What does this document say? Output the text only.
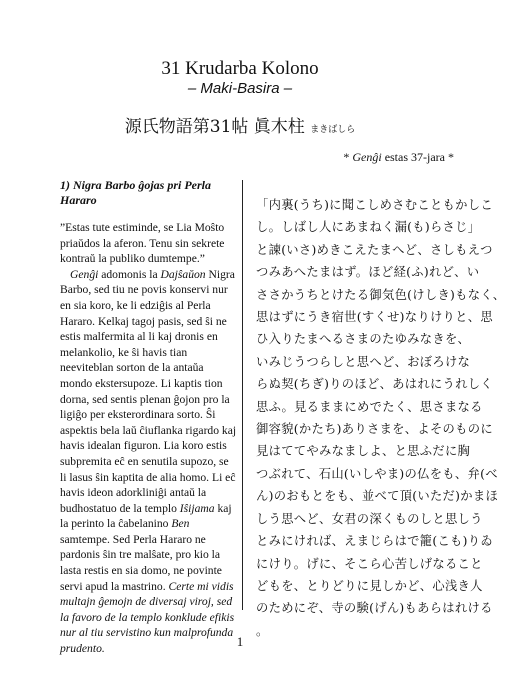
31 Krudarba Kolono
– Maki-Basira –
源氏物語第31帖 眞木柱 まきばしら
* Genĝi estas 37-jara *
1) Nigra Barbo ĝojas pri Perla Hararo

”Estas tute estiminde, se Lia Moŝto priaŭdos la aferon. Tenu sin sekrete kontraŭ la publiko dumtempe.”

Genĝi adomonis la Dajŝaŭon Nigra Barbo, sed tiu ne povis konservi nur en sia koro, ke li edziĝis al Perla Hararo. Kelkaj tagoj pasis, sed ŝi ne estis malfermita al li kaj dronis en melankolio, ke ŝi havis tian neeviteblan sorton de la antaŭa mondo ekstersupoze. Li kaptis tion dorna, sed sentis plenan ĝojon pro la ligiĝo per eksterordinara sorto. Ŝi aspektis bela laŭ ĉiuflanka rigardo kaj havis idealan figuron. Lia koro estis subpremita eĉ en senutila supozo, se li lasus ŝin kaptita de alia homo. Li eĉ havis ideon adorkliniĝi antaŭ la budhostatuo de la templo Iŝijama kaj la perinto la ĉabelanino Ben samtempe. Sed Perla Hararo ne pardonis ŝin tre malŝate, pro kio la lasta restis en sia domo, ne povinte servi apud la mastrino. Certe mi vidis multajn ĝemojn de diversaj viroj, sed la favoro de la templo konklude efikis nur al tiu servistino kun malprofunda prudento.

「内裏(うち)に聞こしめさむこともかしこ
し。しばし人にあまねく漏(も)らさじ」
と諫(いさ)めきこえたまへど、さしもえつ
つみあへたまはず。ほど経(ふ)れど、い
ささかうちとけたる御気色(けしき)もなく、
思はずにうき宿世(すくせ)なりけりと、思
ひ入りたまへるさまのたゆみなきを、
いみじうつらしと思へど、おぼろけな
らぬ契(ちぎ)りのほど、あはれにうれしく
思ふ。見るままにめでたく、思さまなる
御容貌(かたち)ありさまを、よそのものに
見はててやみなましよ、と思ふだに胸
つぶれて、石山(いしやま)の仏をも、弁(べ
ん)のおもとをも、並べて頂(いただ)かまほ
しう思へど、女君の深くものしと思しう
とみにければ、えまじらはで籠(こも)りゐ
にけり。げに、そこら心苦しげなること
どもを、とりどりに見しかど、心浅き人
のためにぞ、寺の験(げん)もあらはれける
。
1
